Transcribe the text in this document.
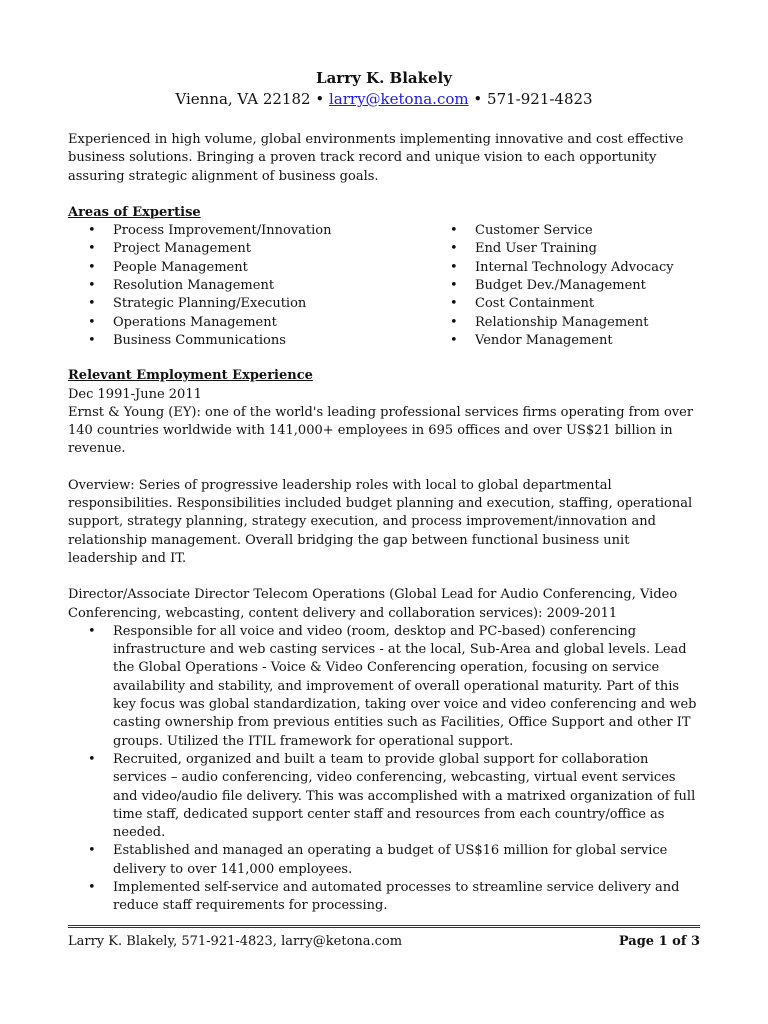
Larry K. Blakely
Vienna, VA 22182 • larry@ketona.com • 571-921-4823

Experienced in high volume, global environments implementing innovative and cost effective business solutions. Bringing a proven track record and unique vision to each opportunity assuring strategic alignment of business goals.

Areas of Expertise
• Process Improvement/Innovation
• Project Management
• People Management
• Resolution Management
• Strategic Planning/Execution
• Operations Management
• Business Communications
• Customer Service
• End User Training
• Internal Technology Advocacy
• Budget Dev./Management
• Cost Containment
• Relationship Management
• Vendor Management
Relevant Employment Experience

Dec 1991-June 2011

Ernst & Young (EY): one of the world's leading professional services firms operating from over 140 countries worldwide with 141,000+ employees in 695 offices and over US$21 billion in revenue.

Overview: Series of progressive leadership roles with local to global departmental responsibilities. Responsibilities included budget planning and execution, staffing, operational support, strategy planning, strategy execution, and process improvement/innovation and relationship management. Overall bridging the gap between functional business unit leadership and IT.

Director/Associate Director Telecom Operations (Global Lead for Audio Conferencing, Video Conferencing, webcasting, content delivery and collaboration services): 2009-2011

• Responsible for all voice and video (room, desktop and PC-based) conferencing infrastructure and web casting services - at the local, Sub-Area and global levels. Lead the Global Operations - Voice & Video Conferencing operation, focusing on service availability and stability, and improvement of overall operational maturity. Part of this key focus was global standardization, taking over voice and video conferencing and web casting ownership from previous entities such as Facilities, Office Support and other IT groups. Utilized the ITIL framework for operational support.
• Recruited, organized and built a team to provide global support for collaboration services – audio conferencing, video conferencing, webcasting, virtual event services and video/audio file delivery. This was accomplished with a matrixed organization of full time staff, dedicated support center staff and resources from each country/office as needed.
• Established and managed an operating a budget of US$16 million for global service delivery to over 141,000 employees.
• Implemented self-service and automated processes to streamline service delivery and reduce staff requirements for processing.
Larry K. Blakely, 571-921-4823, larry@ketona.com	Page 1 of 3
